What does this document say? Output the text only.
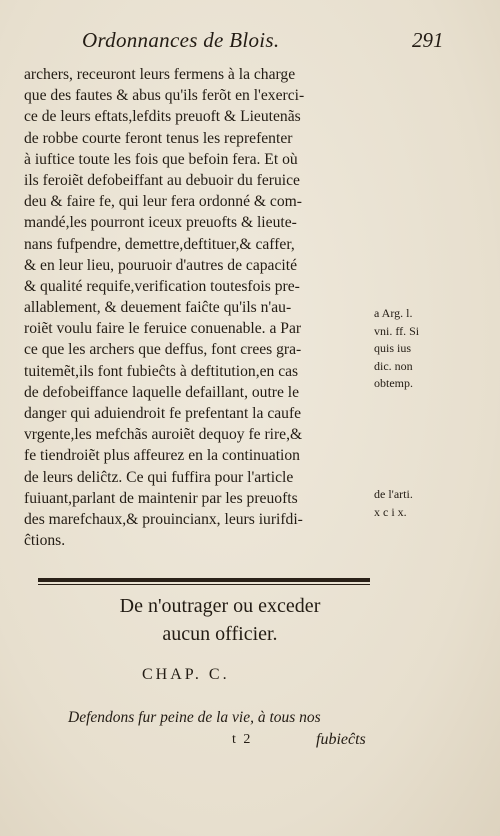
Ordonnances de Blois.	291
archers, receuront leurs fermens à la charge
que des fautes & abus qu'ils ferõt en l'exerci-
ce de leurs eftats,lefdits preuoft & Lieutenãs
de robbe courte feront tenus les reprefenter
à iuftice toute les fois que befoin fera. Et où
ils feroiẽt defobeiffant au debuoir du feruice
deu & faire fe, qui leur fera ordonné & com-
mandé,les pourront iceux preuofts & lieute-
nans fufpendre, demettre,deftituer,& caffer,
& en leur lieu, pouruoir d'autres de capacité
& qualité requife,verification toutesfois pre-
allablement, & deuement faiĉte qu'ils n'au-
roiẽt voulu faire le feruice conuenable. a Par
ce que les archers que deffus, font crees gra-
tuitemẽt,ils font fubieĉts à deftitution,en cas
de defobeiffance laquelle defaillant, outre le
danger qui aduiendroit fe prefentant la caufe
vrgente,les mefchãs auroiẽt dequoy fe rire,&
fe tiendroiẽt plus affeurez en la continuation
de leurs deliĉtz. Ce qui fuffira pour l'article
fuiuant,parlant de maintenir par les preuofts
des marefchaux,& prouincianx, leurs iurifdi-
ĉtions.
a Arg. l.
vni. ff. Si
quis ius
dic. non
obtemp.
de l'arti.
x c i x.
De n'outrager ou exceder
aucun officier.
CHAP. C.
Defendons fur peine de la vie, à tous nos
t 2	fubieĉts
